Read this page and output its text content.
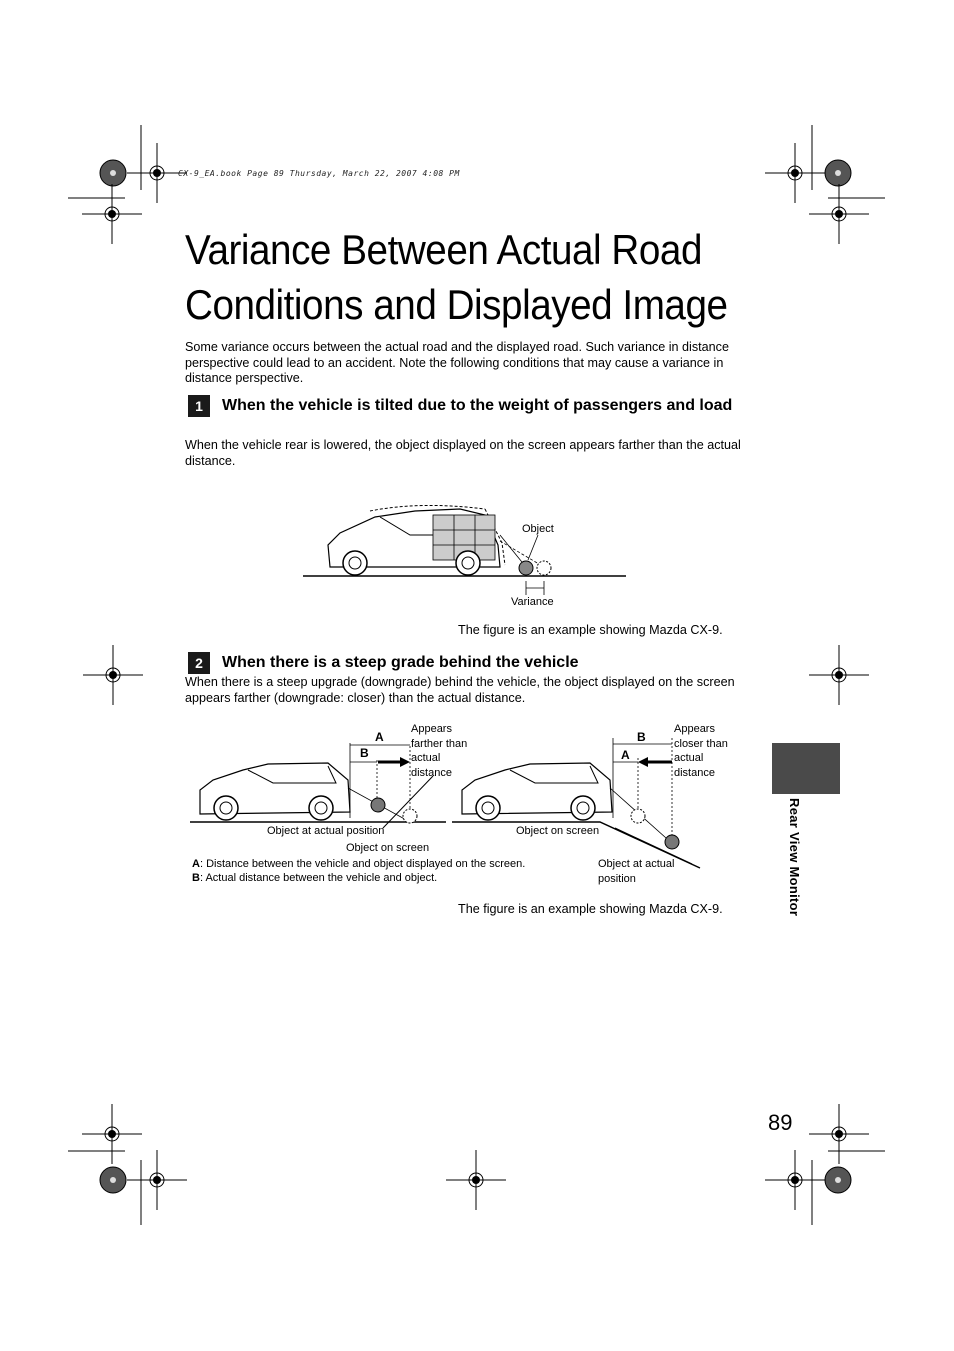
CX-9_EA.book Page 89 Thursday, March 22, 2007 4:08 PM
Variance Between Actual Road
Conditions and Displayed Image
Some variance occurs between the actual road and the displayed road. Such variance in distance perspective could lead to an accident. Note the following conditions that may cause a variance in distance perspective.
1	When the vehicle is tilted due to the weight of passengers and load
When the vehicle rear is lowered, the object displayed on the screen appears farther than the actual distance.
Object
Variance
The figure is an example showing Mazda CX-9.
2	When there is a steep grade behind the vehicle
When there is a steep upgrade (downgrade) behind the vehicle, the object displayed on the screen appears farther (downgrade: closer) than the actual distance.
A
B
Appears
farther than
actual
distance
Object at actual position
Object on screen
B
A
Appears
closer than
actual
distance
Object on screen
Object at actual
position
A: Distance between the vehicle and object displayed on the screen.
B: Actual distance between the vehicle and object.
The figure is an example showing Mazda CX-9.	Rear View Monitor
89
